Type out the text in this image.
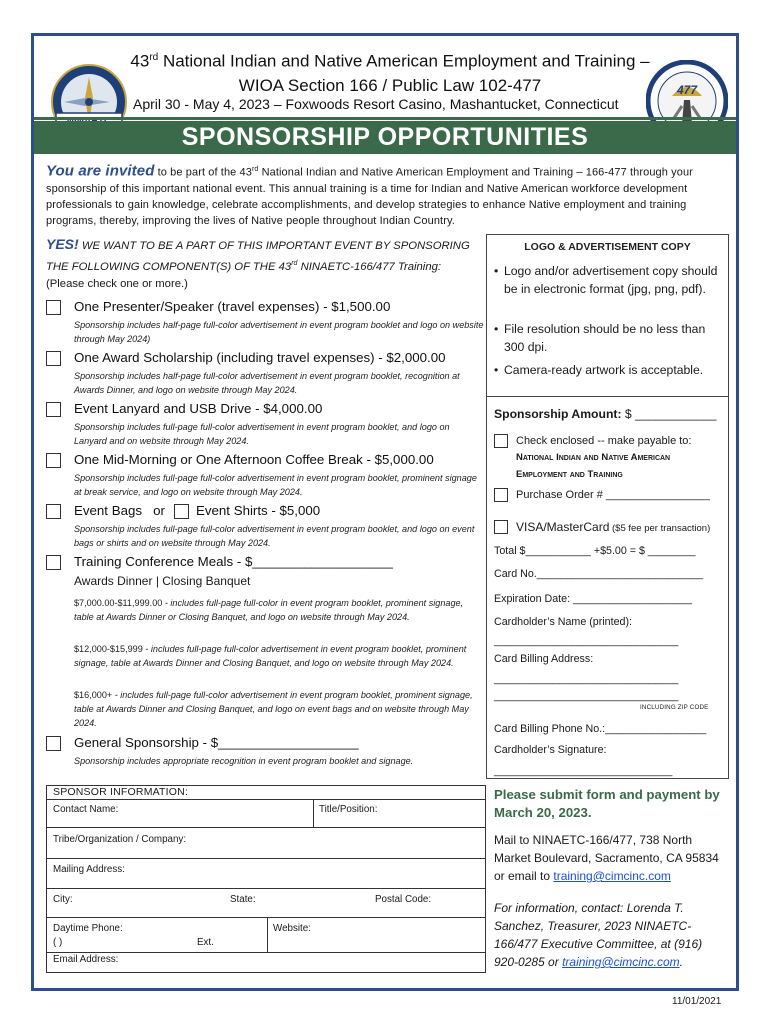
477
43rd National Indian and Native American Employment and Training –
WIOA Section 166 / Public Law 102-477
April 30 - May 4, 2023 – Foxwoods Resort Casino, Mashantucket, Connecticut
SPONSORSHIP OPPORTUNITIES
You are invited to be part of the 43rd National Indian and Native American Employment and Training – 166-477 through your sponsorship of this important national event. This annual training is a time for Indian and Native American workforce development professionals to gain knowledge, celebrate accomplishments, and develop strategies to enhance Native employment and training programs, thereby, improving the lives of Native people throughout Indian Country.
YES! WE WANT TO BE A PART OF THIS IMPORTANT EVENT BY SPONSORING THE FOLLOWING COMPONENT(S) OF THE 43rd NINAETC-166/477 Training:
(Please check one or more.)
One Presenter/Speaker (travel expenses) - $1,500.00
Sponsorship includes half-page full-color advertisement in event program booklet and logo on website through May 2024)
One Award Scholarship (including travel expenses) - $2,000.00
Sponsorship includes half-page full-color advertisement in event program booklet, recognition at Awards Dinner, and logo on website through May 2024.
Event Lanyard and USB Drive - $4,000.00
Sponsorship includes full-page full-color advertisement in event program booklet, and logo on Lanyard and on website through May 2024.
One Mid-Morning or One Afternoon Coffee Break - $5,000.00
Sponsorship includes full-page full-color advertisement in event program booklet, prominent signage at break service, and logo on website through May 2024.
Event Bags or Event Shirts - $5,000
Sponsorship includes full-page full-color advertisement in event program booklet, and logo on event bags or shirts and on website through May 2024.
Training Conference Meals - $___________________
Awards Dinner | Closing Banquet
$7,000.00-$11,999.00 - includes full-page full-color in event program booklet, prominent signage, table at Awards Dinner or Closing Banquet, and logo on website through May 2024.
$12,000-$15,999 - includes full-page full-color advertisement in event program booklet, prominent signage, table at Awards Dinner and Closing Banquet, and logo on website through May 2024.
$16,000+ - includes full-page full-color advertisement in event program booklet, prominent signage, table at Awards Dinner and Closing Banquet, and logo on event bags and on website through May 2024.
General Sponsorship - $___________________
Sponsorship includes appropriate recognition in event program booklet and signage.
LOGO & ADVERTISEMENT COPY
• Logo and/or advertisement copy should be in electronic format (jpg, png, pdf).
• File resolution should be no less than 300 dpi.
• Camera-ready artwork is acceptable.
Sponsorship Amount: $ ____________
Check enclosed -- make payable to:
National Indian and Native American
Employment and Training
Purchase Order # _________________
VISA/MasterCard ($5 fee per transaction)
Total $___________ +$5.00 = $ ________
Card No.____________________________
Expiration Date: ____________________
Cardholder’s Name (printed):
_______________________________
Card Billing Address:
_______________________________
_______________________________
INCLUDING ZIP CODE
Card Billing Phone No.:_________________
Cardholder’s Signature:
______________________________
SPONSOR INFORMATION:
Contact Name:	Title/Position:
Tribe/Organization / Company:
Mailing Address:
City:	State:	Postal Code:
Daytime Phone:
( )	Ext.
Website:
Email Address:
Please submit form and payment by March 20, 2023.
Mail to NINAETC-166/477, 738 North Market Boulevard, Sacramento, CA 95834 or email to training@cimcinc.com
For information, contact: Lorenda T. Sanchez, Treasurer, 2023 NINAETC-166/477 Executive Committee, at (916) 920-0285 or training@cimcinc.com.
11/01/2021
